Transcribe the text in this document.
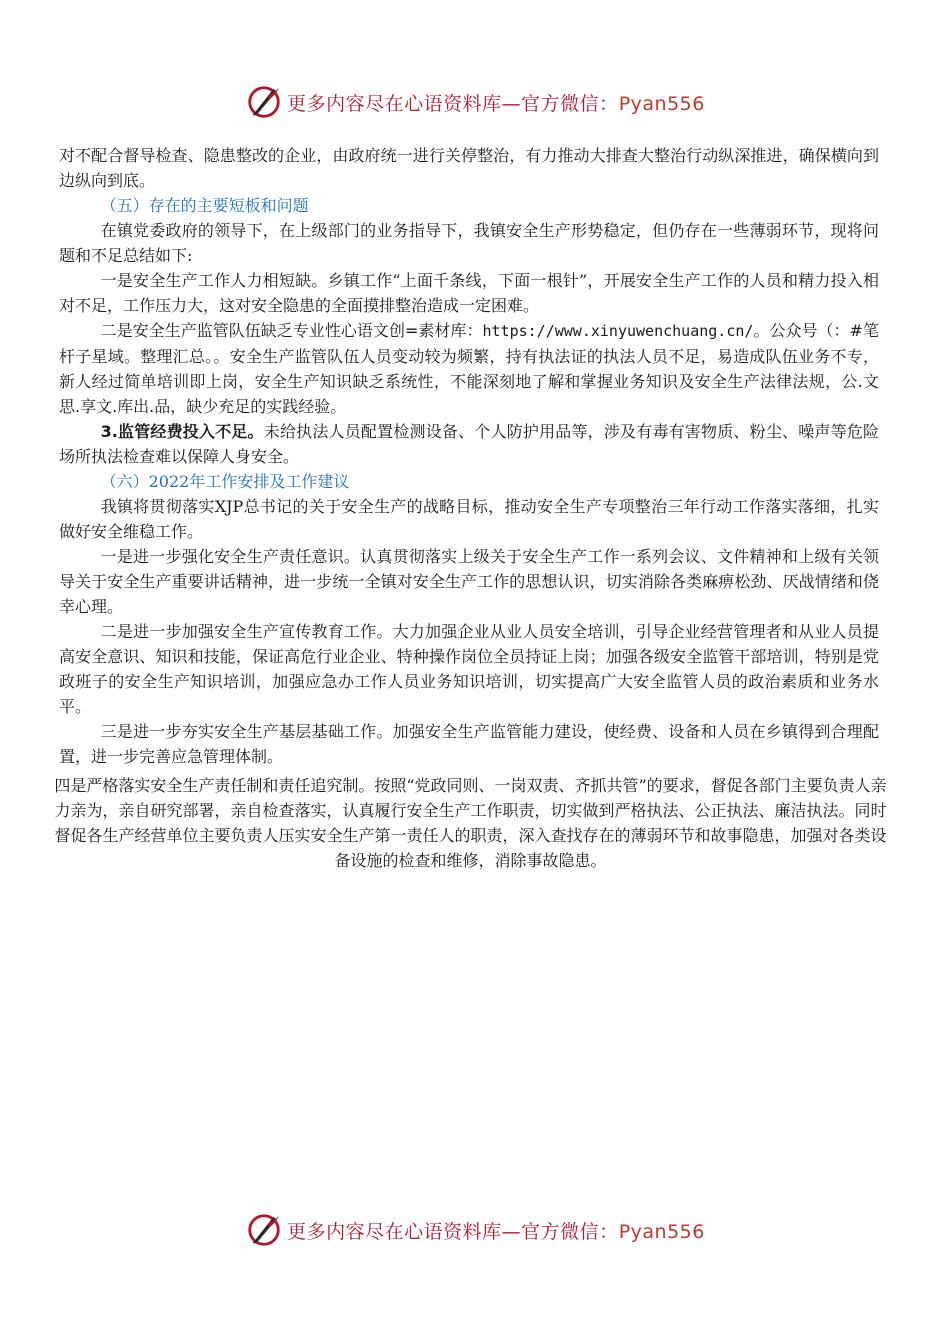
更多内容尽在心语资料库—官方微信：Pyan556

对不配合督导检查、隐患整改的企业，由政府统一进行关停整治，有力推动大排查大整治行动纵深推进，确保横向到边纵向到底。

（五）存在的主要短板和问题

在镇党委政府的领导下，在上级部门的业务指导下，我镇安全生产形势稳定，但仍存在一些薄弱环节，现将问题和不足总结如下:

一是安全生产工作人力相短缺。乡镇工作“上面千条线，下面一根针”，开展安全生产工作的人员和精力投入相对不足，工作压力大，这对安全隐患的全面摸排整治造成一定困难。

二是安全生产监管队伍缺乏专业性心语文创=素材库：https://www.xinyuwenchuang.cn/。公众号（：#笔杆子星域。整理汇总。。安全生产监管队伍人员变动较为频繁，持有执法证的执法人员不足，易造成队伍业务不专，新人经过简单培训即上岗，安全生产知识缺乏系统性，不能深刻地了解和掌握业务知识及安全生产法律法规，公.文思.享文.库出.品，缺少充足的实践经验。

3.监管经费投入不足。未给执法人员配置检测设备、个人防护用品等，涉及有毒有害物质、粉尘、噪声等危险场所执法检查难以保障人身安全。

（六）2022年工作安排及工作建议

我镇将贯彻落实XJP总书记的关于安全生产的战略目标，推动安全生产专项整治三年行动工作落实落细，扎实做好安全维稳工作。

一是进一步强化安全生产责任意识。认真贯彻落实上级关于安全生产工作一系列会议、文件精神和上级有关领导关于安全生产重要讲话精神，进一步统一全镇对安全生产工作的思想认识，切实消除各类麻痹松劲、厌战情绪和侥幸心理。

二是进一步加强安全生产宣传教育工作。大力加强企业从业人员安全培训，引导企业经营管理者和从业人员提高安全意识、知识和技能，保证高危行业企业、特种操作岗位全员持证上岗；加强各级安全监管干部培训，特别是党政班子的安全生产知识培训，加强应急办工作人员业务知识培训，切实提高广大安全监管人员的政治素质和业务水平。

三是进一步夯实安全生产基层基础工作。加强安全生产监管能力建设，使经费、设备和人员在乡镇得到合理配置，进一步完善应急管理体制。

四是严格落实安全生产责任制和责任追究制。按照“党政同则、一岗双责、齐抓共管”的要求，督促各部门主要负责人亲力亲为，亲自研究部署，亲自检查落实，认真履行安全生产工作职责，切实做到严格执法、公正执法、廉洁执法。同时督促各生产经营单位主要负责人压实安全生产第一责任人的职责，深入查找存在的薄弱环节和故事隐患，加强对各类设备设施的检查和维修，消除事故隐患。

更多内容尽在心语资料库—官方微信：Pyan556
